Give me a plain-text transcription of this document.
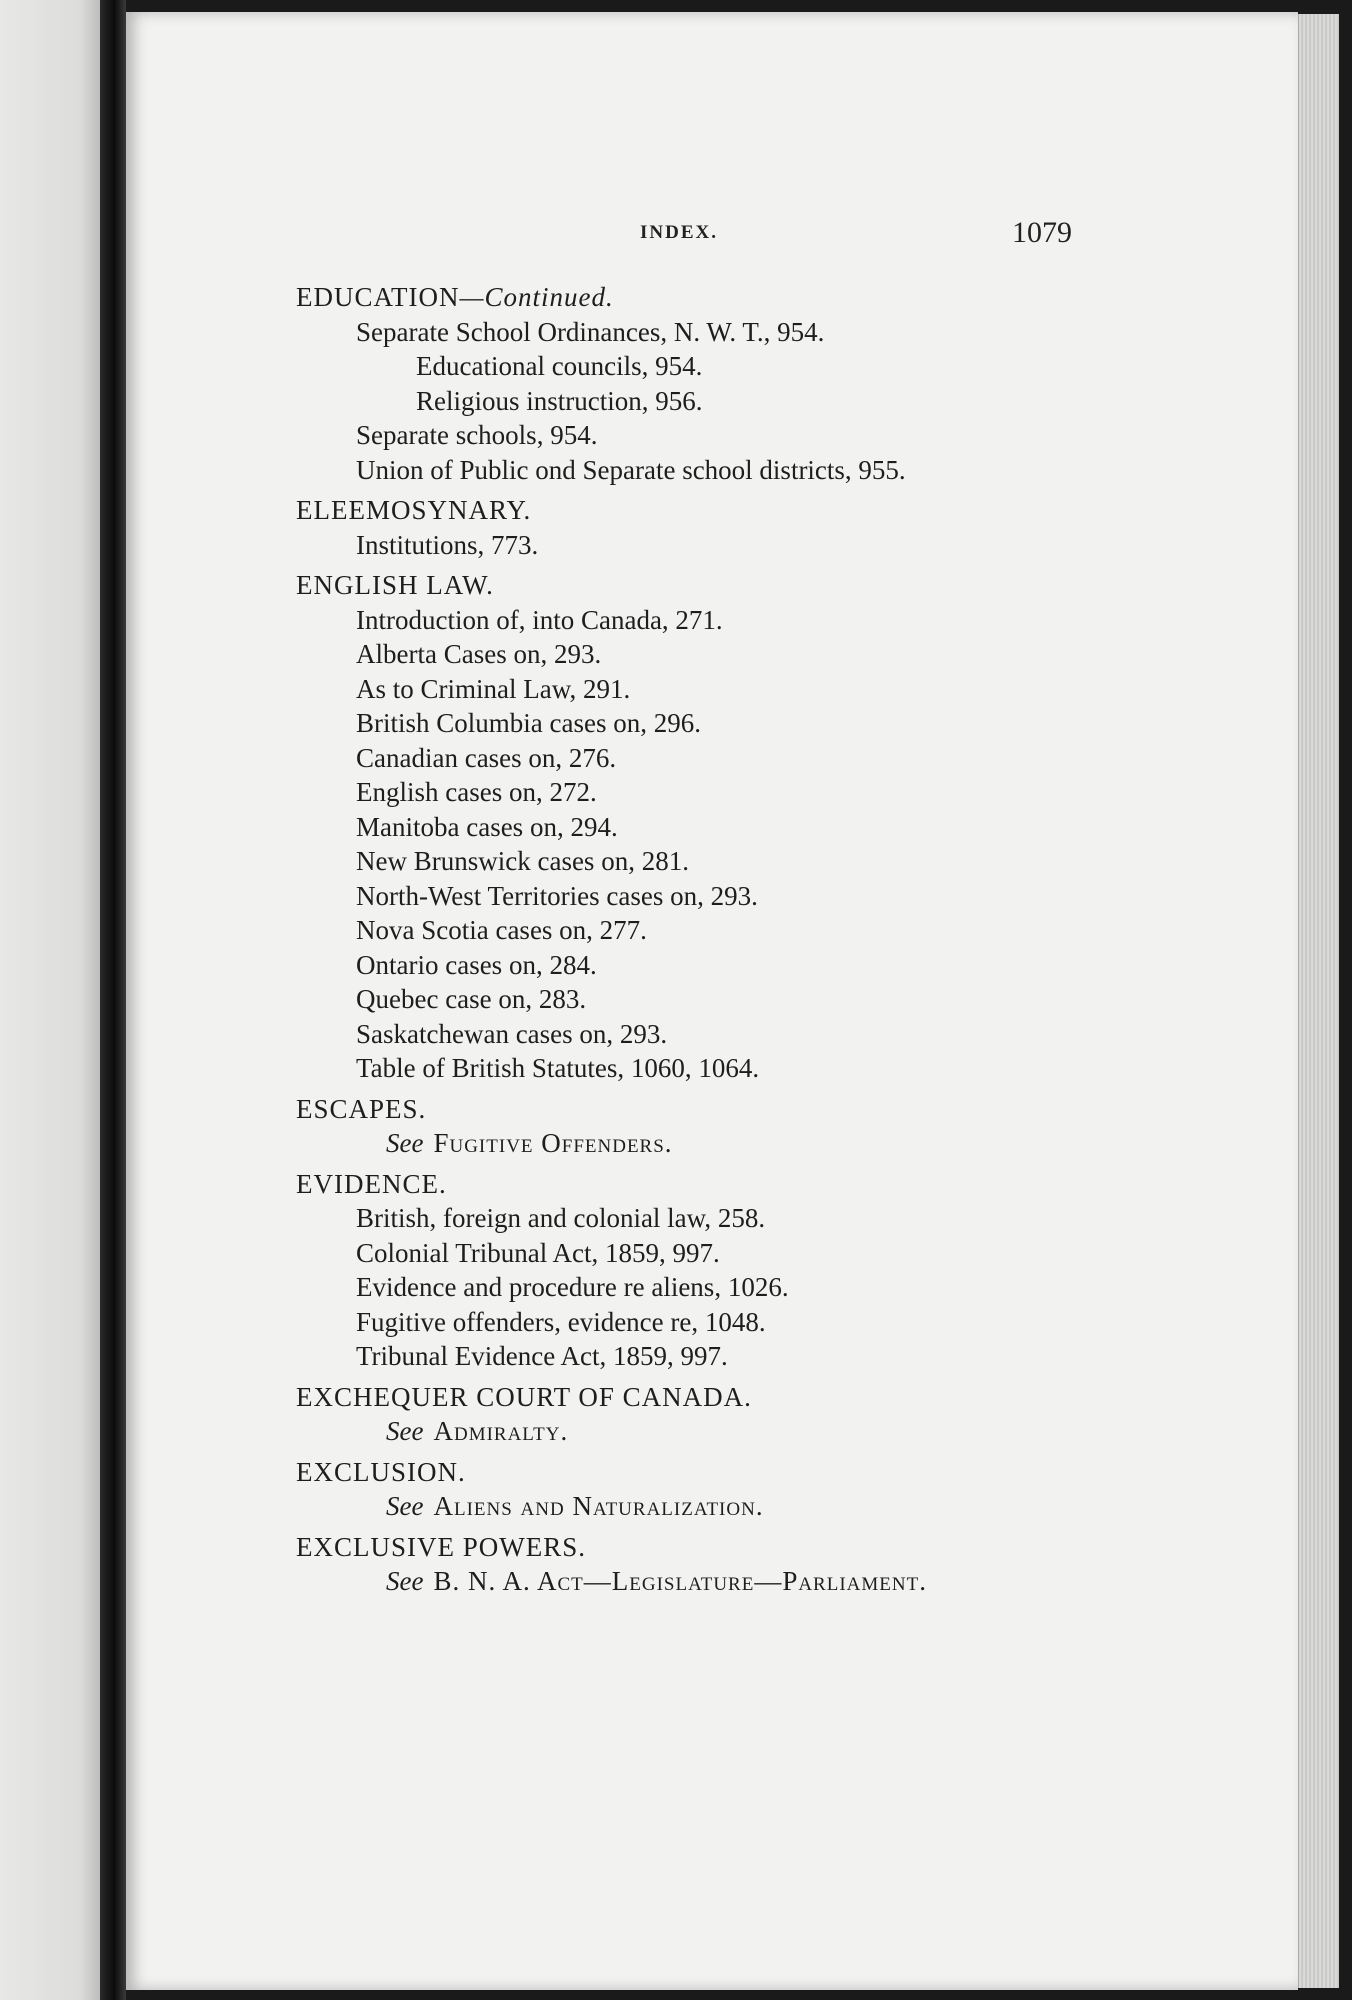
INDEX.	1079
EDUCATION—Continued.
Separate School Ordinances, N. W. T., 954.
Educational councils, 954.
Religious instruction, 956.
Separate schools, 954.
Union of Public ond Separate school districts, 955.
ELEEMOSYNARY.
Institutions, 773.
ENGLISH LAW.
Introduction of, into Canada, 271.
Alberta Cases on, 293.
As to Criminal Law, 291.
British Columbia cases on, 296.
Canadian cases on, 276.
English cases on, 272.
Manitoba cases on, 294.
New Brunswick cases on, 281.
North-West Territories cases on, 293.
Nova Scotia cases on, 277.
Ontario cases on, 284.
Quebec case on, 283.
Saskatchewan cases on, 293.
Table of British Statutes, 1060, 1064.
ESCAPES.
See Fugitive Offenders.
EVIDENCE.
British, foreign and colonial law, 258.
Colonial Tribunal Act, 1859, 997.
Evidence and procedure re aliens, 1026.
Fugitive offenders, evidence re, 1048.
Tribunal Evidence Act, 1859, 997.
EXCHEQUER COURT OF CANADA.
See Admiralty.
EXCLUSION.
See Aliens and Naturalization.
EXCLUSIVE POWERS.
See B. N. A. Act—Legislature—Parliament.
